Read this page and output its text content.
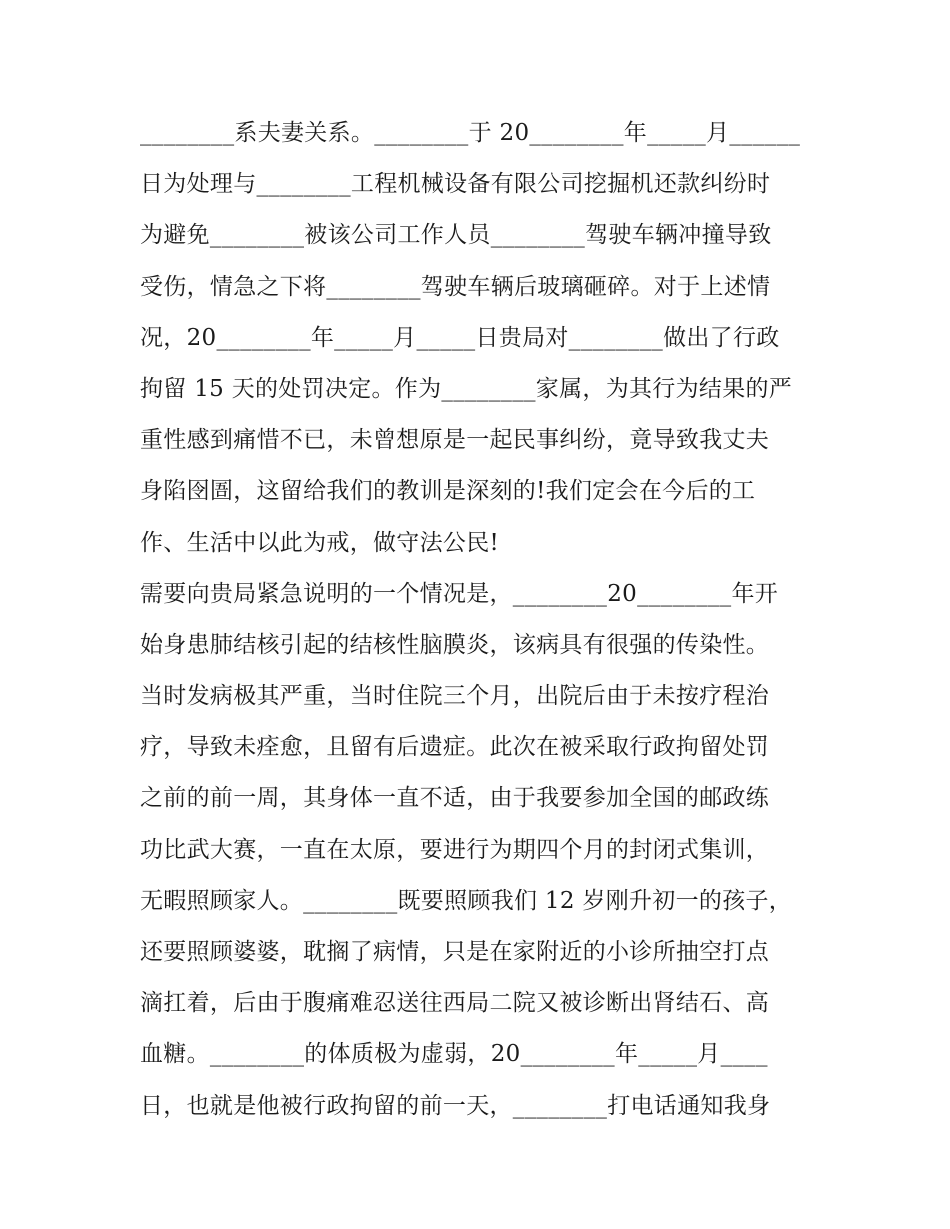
________系夫妻关系。________于 20________年_____月______
日为处理与________工程机械设备有限公司挖掘机还款纠纷时
为避免________被该公司工作人员________驾驶车辆冲撞导致
受伤，情急之下将________驾驶车辆后玻璃砸碎。对于上述情
况，20________年_____月_____日贵局对________做出了行政
拘留 15 天的处罚决定。作为________家属，为其行为结果的严
重性感到痛惜不已，未曾想原是一起民事纠纷，竟导致我丈夫
身陷囹圄，这留给我们的教训是深刻的!我们定会在今后的工
作、生活中以此为戒，做守法公民!
需要向贵局紧急说明的一个情况是，________20________年开
始身患肺结核引起的结核性脑膜炎，该病具有很强的传染性。
当时发病极其严重，当时住院三个月，出院后由于未按疗程治
疗，导致未痊愈，且留有后遗症。此次在被采取行政拘留处罚
之前的前一周，其身体一直不适，由于我要参加全国的邮政练
功比武大赛，一直在太原，要进行为期四个月的封闭式集训，
无暇照顾家人。________既要照顾我们 12 岁刚升初一的孩子，
还要照顾婆婆，耽搁了病情，只是在家附近的小诊所抽空打点
滴扛着，后由于腹痛难忍送往西局二院又被诊断出肾结石、高
血糖。________的体质极为虚弱，20________年_____月____
日，也就是他被行政拘留的前一天，________打电话通知我身
